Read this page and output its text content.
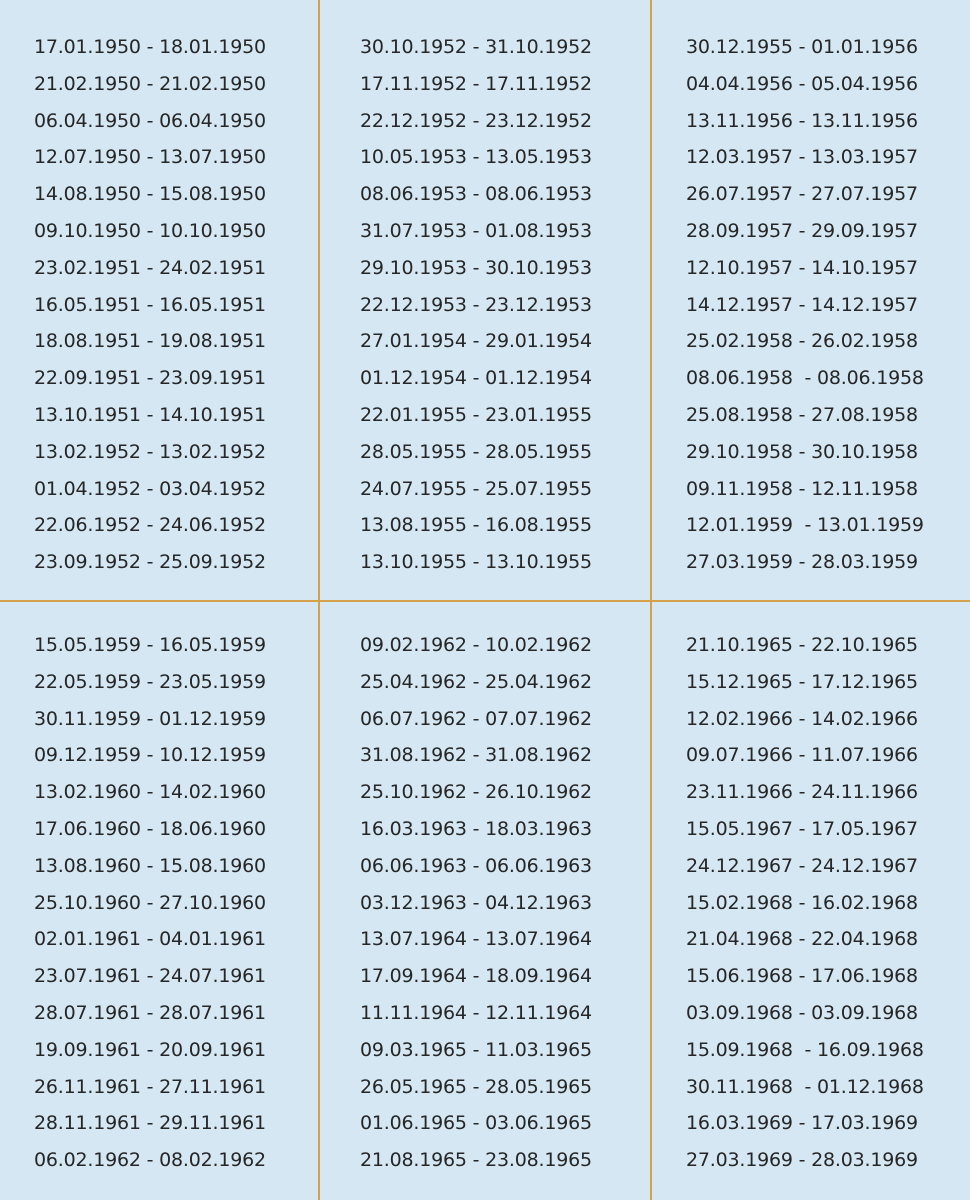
17.01.1950 - 18.01.1950
21.02.1950 - 21.02.1950
06.04.1950 - 06.04.1950
12.07.1950 - 13.07.1950
14.08.1950 - 15.08.1950
09.10.1950 - 10.10.1950
23.02.1951 - 24.02.1951
16.05.1951 - 16.05.1951
18.08.1951 - 19.08.1951
22.09.1951 - 23.09.1951
13.10.1951 - 14.10.1951
13.02.1952 - 13.02.1952
01.04.1952 - 03.04.1952
22.06.1952 - 24.06.1952
23.09.1952 - 25.09.1952
30.10.1952 - 31.10.1952
17.11.1952 - 17.11.1952
22.12.1952 - 23.12.1952
10.05.1953 - 13.05.1953
08.06.1953 - 08.06.1953
31.07.1953 - 01.08.1953
29.10.1953 - 30.10.1953
22.12.1953 - 23.12.1953
27.01.1954 - 29.01.1954
01.12.1954 - 01.12.1954
22.01.1955 - 23.01.1955
28.05.1955 - 28.05.1955
24.07.1955 - 25.07.1955
13.08.1955 - 16.08.1955
13.10.1955 - 13.10.1955
30.12.1955 - 01.01.1956
04.04.1956 - 05.04.1956
13.11.1956 - 13.11.1956
12.03.1957 - 13.03.1957
26.07.1957 - 27.07.1957
28.09.1957 - 29.09.1957
12.10.1957 - 14.10.1957
14.12.1957 - 14.12.1957
25.02.1958 - 26.02.1958
08.06.1958  - 08.06.1958
25.08.1958 - 27.08.1958
29.10.1958 - 30.10.1958
09.11.1958 - 12.11.1958
12.01.1959  - 13.01.1959
27.03.1959 - 28.03.1959
15.05.1959 - 16.05.1959
22.05.1959 - 23.05.1959
30.11.1959 - 01.12.1959
09.12.1959 - 10.12.1959
13.02.1960 - 14.02.1960
17.06.1960 - 18.06.1960
13.08.1960 - 15.08.1960
25.10.1960 - 27.10.1960
02.01.1961 - 04.01.1961
23.07.1961 - 24.07.1961
28.07.1961 - 28.07.1961
19.09.1961 - 20.09.1961
26.11.1961 - 27.11.1961
28.11.1961 - 29.11.1961
06.02.1962 - 08.02.1962
09.02.1962 - 10.02.1962
25.04.1962 - 25.04.1962
06.07.1962 - 07.07.1962
31.08.1962 - 31.08.1962
25.10.1962 - 26.10.1962
16.03.1963 - 18.03.1963
06.06.1963 - 06.06.1963
03.12.1963 - 04.12.1963
13.07.1964 - 13.07.1964
17.09.1964 - 18.09.1964
11.11.1964 - 12.11.1964
09.03.1965 - 11.03.1965
26.05.1965 - 28.05.1965
01.06.1965 - 03.06.1965
21.08.1965 - 23.08.1965
21.10.1965 - 22.10.1965
15.12.1965 - 17.12.1965
12.02.1966 - 14.02.1966
09.07.1966 - 11.07.1966
23.11.1966 - 24.11.1966
15.05.1967 - 17.05.1967
24.12.1967 - 24.12.1967
15.02.1968 - 16.02.1968
21.04.1968 - 22.04.1968
15.06.1968 - 17.06.1968
03.09.1968 - 03.09.1968
15.09.1968  - 16.09.1968
30.11.1968  - 01.12.1968
16.03.1969 - 17.03.1969
27.03.1969 - 28.03.1969
